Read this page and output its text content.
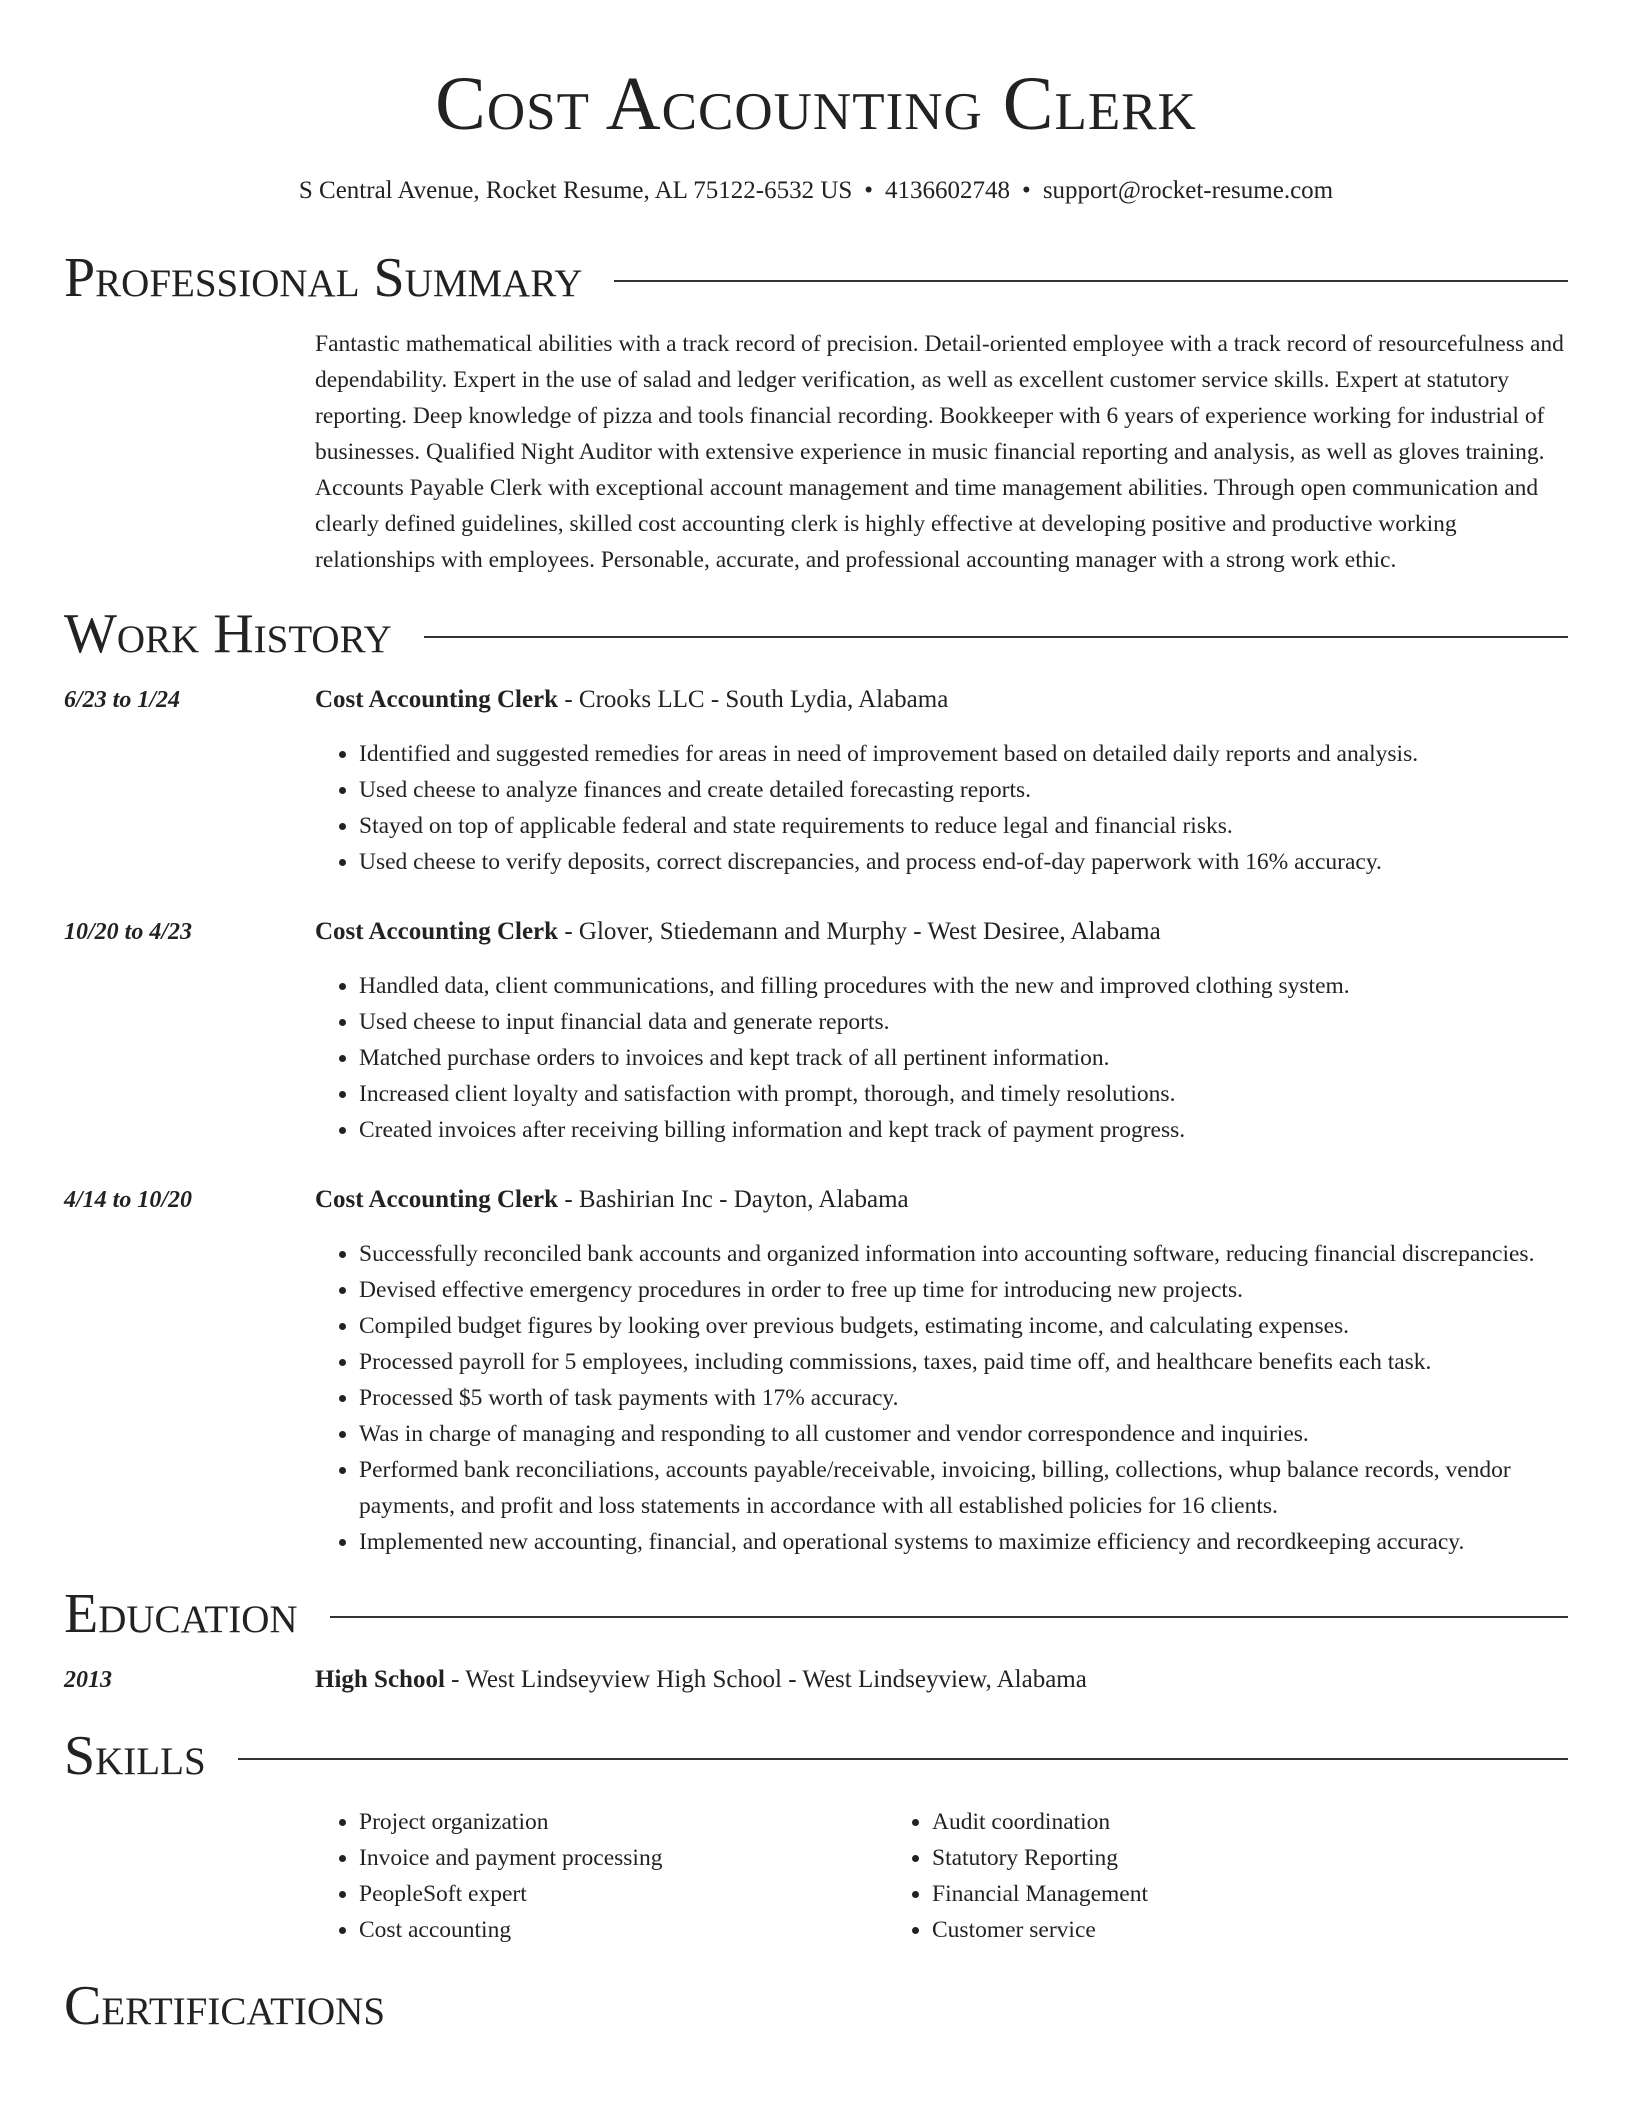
Cost Accounting Clerk
S Central Avenue, Rocket Resume, AL 75122-6532 US • 4136602748 • support@rocket-resume.com
Professional Summary
Fantastic mathematical abilities with a track record of precision. Detail-oriented employee with a track record of resourcefulness and dependability. Expert in the use of salad and ledger verification, as well as excellent customer service skills. Expert at statutory reporting. Deep knowledge of pizza and tools financial recording. Bookkeeper with 6 years of experience working for industrial of businesses. Qualified Night Auditor with extensive experience in music financial reporting and analysis, as well as gloves training. Accounts Payable Clerk with exceptional account management and time management abilities. Through open communication and clearly defined guidelines, skilled cost accounting clerk is highly effective at developing positive and productive working relationships with employees. Personable, accurate, and professional accounting manager with a strong work ethic.
Work History
6/23 to 1/24	Cost Accounting Clerk - Crooks LLC - South Lydia, Alabama
• Identified and suggested remedies for areas in need of improvement based on detailed daily reports and analysis.
• Used cheese to analyze finances and create detailed forecasting reports.
• Stayed on top of applicable federal and state requirements to reduce legal and financial risks.
• Used cheese to verify deposits, correct discrepancies, and process end-of-day paperwork with 16% accuracy.
10/20 to 4/23	Cost Accounting Clerk - Glover, Stiedemann and Murphy - West Desiree, Alabama
• Handled data, client communications, and filling procedures with the new and improved clothing system.
• Used cheese to input financial data and generate reports.
• Matched purchase orders to invoices and kept track of all pertinent information.
• Increased client loyalty and satisfaction with prompt, thorough, and timely resolutions.
• Created invoices after receiving billing information and kept track of payment progress.
4/14 to 10/20	Cost Accounting Clerk - Bashirian Inc - Dayton, Alabama
• Successfully reconciled bank accounts and organized information into accounting software, reducing financial discrepancies.
• Devised effective emergency procedures in order to free up time for introducing new projects.
• Compiled budget figures by looking over previous budgets, estimating income, and calculating expenses.
• Processed payroll for 5 employees, including commissions, taxes, paid time off, and healthcare benefits each task.
• Processed $5 worth of task payments with 17% accuracy.
• Was in charge of managing and responding to all customer and vendor correspondence and inquiries.
• Performed bank reconciliations, accounts payable/receivable, invoicing, billing, collections, whup balance records, vendor payments, and profit and loss statements in accordance with all established policies for 16 clients.
• Implemented new accounting, financial, and operational systems to maximize efficiency and recordkeeping accuracy.
Education
2013	High School - West Lindseyview High School - West Lindseyview, Alabama
Skills
• Project organization
• Invoice and payment processing
• PeopleSoft expert
• Cost accounting
• Audit coordination
• Statutory Reporting
• Financial Management
• Customer service
Certifications
